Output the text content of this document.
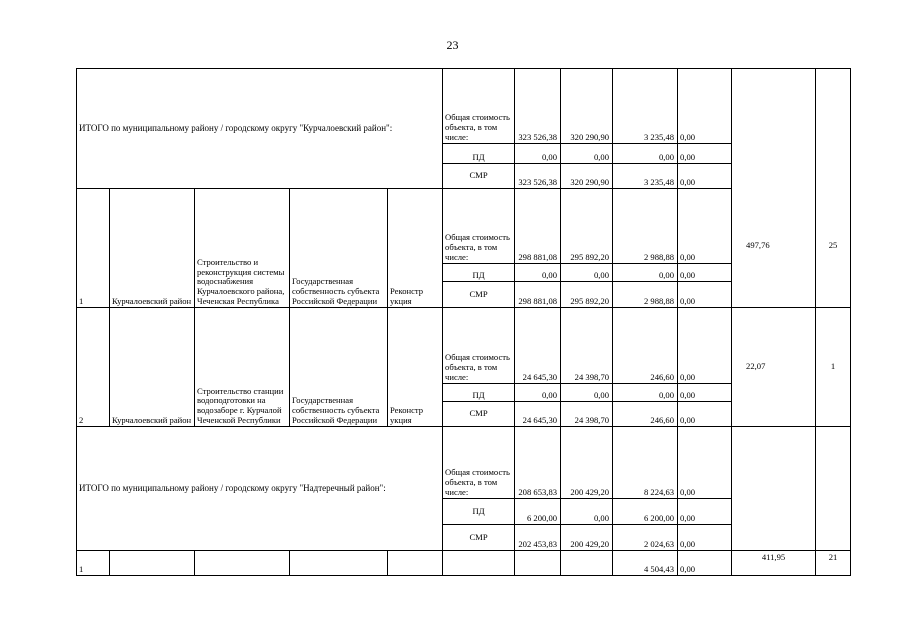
23
ИТОГО по муниципальному району / городскому округу "Курчалоевский район":					Общая стоимость объекта, в том числе:	323 526,38	320 290,90	3 235,48	0,00		
					ПД	0,00	0,00	0,00	0,00		
					СМР	323 526,38	320 290,90	3 235,48	0,00		
1	Курчалоевский район	Строительство и реконструкция системы водоснабжения Курчалоевского района, Чеченская Республика	Государственная собственность субъекта Российской Федерации	Реконстр укция	Общая стоимость объекта, в том числе:	298 881,08	295 892,20	2 988,88	0,00	497,76	25
					ПД	0,00	0,00	0,00	0,00		
					СМР	298 881,08	295 892,20	2 988,88	0,00		
2	Курчалоевский район	Строительство станции водоподготовки на водозаборе г. Курчалой Чеченской Республики	Государственная собственность субъекта Российской Федерации	Реконстр укция	Общая стоимость объекта, в том числе:	24 645,30	24 398,70	246,60	0,00	22,07	1
					ПД	0,00	0,00	0,00	0,00		
					СМР	24 645,30	24 398,70	246,60	0,00		
ИТОГО по муниципальному району / городскому округу "Надтеречный район":					Общая стоимость объекта, в том числе:	208 653,83	200 429,20	8 224,63	0,00		
					ПД	6 200,00	0,00	6 200,00	0,00		
					СМР	202 453,83	200 429,20	2 024,63	0,00		
1								4 504,43	0,00	411,95	21
